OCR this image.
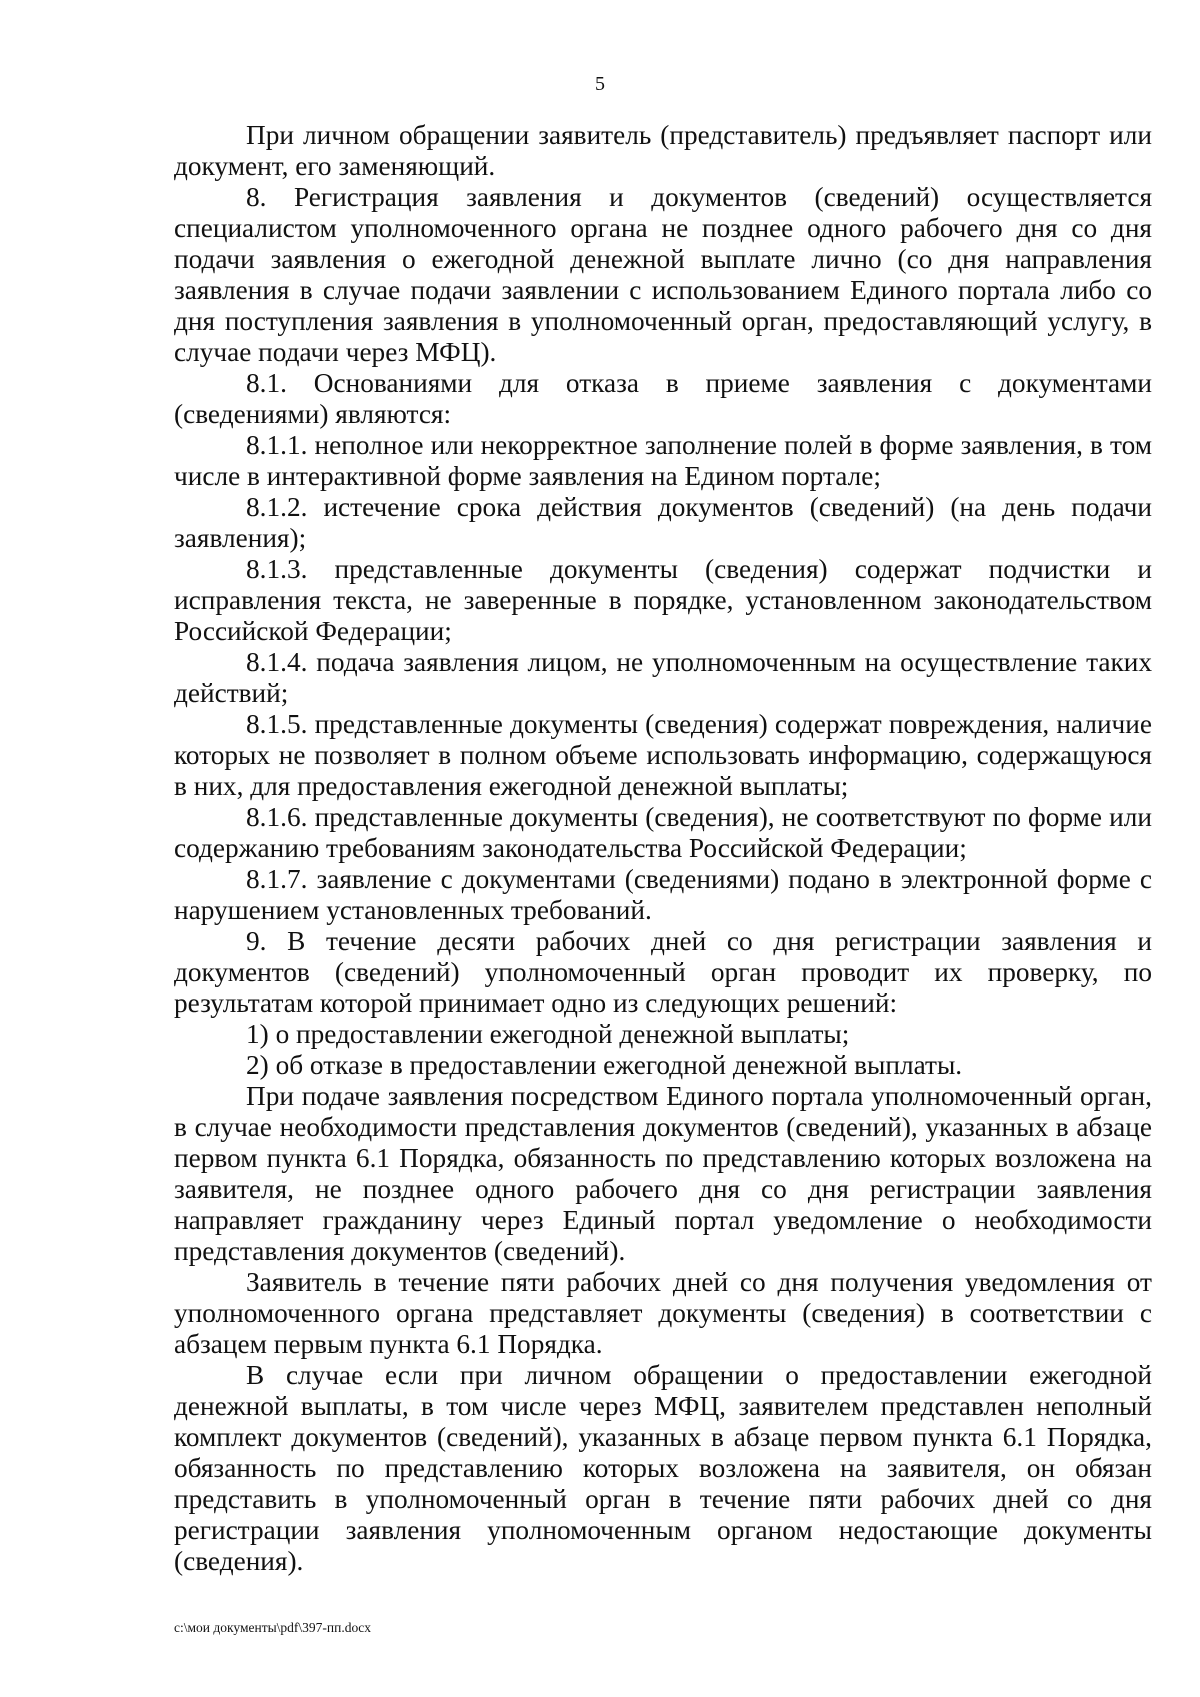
5

При личном обращении заявитель (представитель) предъявляет паспорт или документ, его заменяющий.

8. Регистрация заявления и документов (сведений) осуществляется специалистом уполномоченного органа не позднее одного рабочего дня со дня подачи заявления о ежегодной денежной выплате лично (со дня направления заявления в случае подачи заявлении с использованием Единого портала либо со дня поступления заявления в уполномоченный орган, предоставляющий услугу, в случае подачи через МФЦ).

8.1. Основаниями для отказа в приеме заявления с документами (сведениями) являются:

8.1.1. неполное или некорректное заполнение полей в форме заявления, в том числе в интерактивной форме заявления на Едином портале;

8.1.2. истечение срока действия документов (сведений) (на день подачи заявления);

8.1.3. представленные документы (сведения) содержат подчистки и исправления текста, не заверенные в порядке, установленном законодательством Российской Федерации;

8.1.4. подача заявления лицом, не уполномоченным на осуществление таких действий;

8.1.5. представленные документы (сведения) содержат повреждения, наличие которых не позволяет в полном объеме использовать информацию, содержащуюся в них, для предоставления ежегодной денежной выплаты;

8.1.6. представленные документы (сведения), не соответствуют по форме или содержанию требованиям законодательства Российской Федерации;

8.1.7. заявление с документами (сведениями) подано в электронной форме с нарушением установленных требований.

9. В течение десяти рабочих дней со дня регистрации заявления и документов (сведений) уполномоченный орган проводит их проверку, по результатам которой принимает одно из следующих решений:

1) о предоставлении ежегодной денежной выплаты;

2) об отказе в предоставлении ежегодной денежной выплаты.

При подаче заявления посредством Единого портала уполномоченный орган, в случае необходимости представления документов (сведений), указанных в абзаце первом пункта 6.1 Порядка, обязанность по представлению которых возложена на заявителя, не позднее одного рабочего дня со дня регистрации заявления направляет гражданину через Единый портал уведомление о необходимости представления документов (сведений).

Заявитель в течение пяти рабочих дней со дня получения уведомления от уполномоченного органа представляет документы (сведения) в соответствии с абзацем первым пункта 6.1 Порядка.

В случае если при личном обращении о предоставлении ежегодной денежной выплаты, в том числе через МФЦ, заявителем представлен неполный комплект документов (сведений), указанных в абзаце первом пункта 6.1 Порядка, обязанность по представлению которых возложена на заявителя, он обязан представить в уполномоченный орган в течение пяти рабочих дней со дня регистрации заявления уполномоченным органом недостающие документы (сведения).

c:\мои документы\pdf\397-пп.docx
